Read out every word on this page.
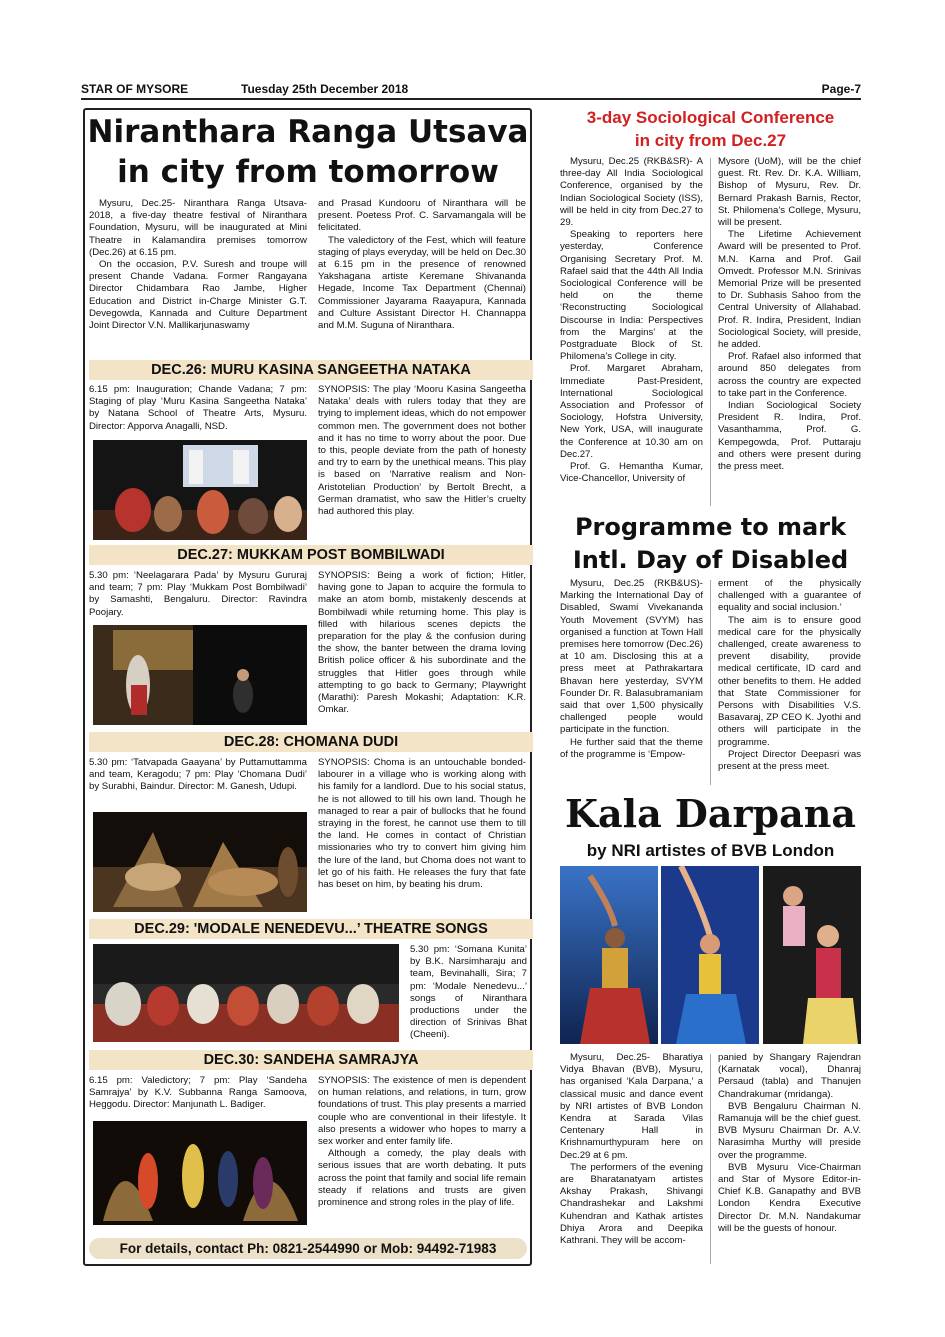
STAR OF MYSORE	Tuesday 25th December 2018	Page-7
Niranthara Ranga Utsava
in city from tomorrow

Mysuru, Dec.25- Niranthara Ranga Utsava-2018, a five-day theatre festival of Niranthara Foundation, Mysuru, will be inaugurated at Mini Theatre in Kalamandira premises tomorrow (Dec.26) at 6.15 pm.

On the occasion, P.V. Suresh and troupe will present Chande Vadana. Former Rangayana Director Chidambara Rao Jambe, Higher Education and District in-Charge Minister G.T. Devegowda, Kannada and Culture Department Joint Director V.N. Mallikarjunaswamy

and Prasad Kundooru of Niranthara will be present. Poetess Prof. C. Sarvamangala will be felicitated.

The valedictory of the Fest, which will feature staging of plays everyday, will be held on Dec.30 at 6.15 pm in the presence of renowned Yakshagana artiste Keremane Shivananda Hegade, Income Tax Department (Chennai) Commissioner Jayarama Raayapura, Kannada and Culture Assistant Director H. Channappa and M.M. Suguna of Niranthara.

DEC.26: MURU KASINA SANGEETHA NATAKA
6.15 pm: Inauguration; Chande Vadana; 7 pm: Staging of play ‘Muru Kasina Sangeetha Nataka’ by Natana School of Theatre Arts, Mysuru. Director: Apporva Anagalli, NSD.
SYNOPSIS: The play ‘Mooru Kasina Sangeetha Nataka’ deals with rulers today that they are trying to implement ideas, which do not empower common men. The government does not bother and it has no time to worry about the poor. Due to this, people deviate from the path of honesty and try to earn by the unethical means. This play is based on ‘Narrative realism and Non-Aristotelian Production’ by Bertolt Brecht, a German dramatist, who saw the Hitler’s cruelty had authored this play.
DEC.27: MUKKAM POST BOMBILWADI
5.30 pm: ‘Neelagarara Pada’ by Mysuru Gururaj and team; 7 pm: Play ‘Mukkam Post Bombilwadi’ by Samashti, Bengaluru. Director: Ravindra Poojary.
SYNOPSIS: Being a work of fiction; Hitler, having gone to Japan to acquire the formula to make an atom bomb, mistakenly descends at Bombilwadi while returning home. This play is filled with hilarious scenes depicts the preparation for the play & the confusion during the show, the banter between the drama loving British police officer & his subordinate and the struggles that Hitler goes through while attempting to go back to Germany; Playwright (Marathi): Paresh Mokashi; Adaptation: K.R. Omkar.
DEC.28: CHOMANA DUDI
5.30 pm: ‘Tatvapada Gaayana’ by Puttamuttamma and team, Keragodu; 7 pm: Play ‘Chomana Dudi’ by Surabhi, Baindur. Director: M. Ganesh, Udupi.
SYNOPSIS: Choma is an untouchable bonded-labourer in a village who is working along with his family for a landlord. Due to his social status, he is not allowed to till his own land. Though he managed to rear a pair of bullocks that he found straying in the forest, he cannot use them to till the land. He comes in contact of Christian missionaries who try to convert him giving him the lure of the land, but Choma does not want to let go of his faith. He releases the fury that fate has beset on him, by beating his drum.
DEC.29: 'MODALE NENEDEVU...’ THEATRE SONGS
5.30 pm: ‘Somana Kunita’ by B.K. Narsimharaju and team, Bevinahalli, Sira; 7 pm: ‘Modale Nenedevu...’ songs of Niranthara productions under the direction of Srinivas Bhat (Cheeni).
DEC.30: SANDEHA SAMRAJYA
6.15 pm: Valedictory; 7 pm: Play ‘Sandeha Samrajya’ by K.V. Subbanna Ranga Samoova, Heggodu. Director: Manjunath L. Badiger.

SYNOPSIS: The existence of men is dependent on human relations, and relations, in turn, grow foundations of trust. This play presents a married couple who are conventional in their lifestyle. It also presents a widower who hopes to marry a sex worker and enter family life.

Although a comedy, the play deals with serious issues that are worth debating. It puts across the point that family and social life remain steady if relations and trusts are given prominence and strong roles in the play of life.

For details, contact Ph: 0821-2544990 or Mob: 94492-71983
3-day Sociological Conference
in city from Dec.27

Mysuru, Dec.25 (RKB&SR)- A three-day All India Sociological Conference, organised by the Indian Sociological Society (ISS), will be held in city from Dec.27 to 29.

Speaking to reporters here yesterday, Conference Organising Secretary Prof. M. Rafael said that the 44th All India Sociological Conference will be held on the theme ‘Reconstructing Sociological Discourse in India: Perspectives from the Margins’ at the Postgraduate Block of St. Philomena’s College in city.

Prof. Margaret Abraham, Immediate Past-President, International Sociological Association and Professor of Sociology, Hofstra University, New York, USA, will inaugurate the Conference at 10.30 am on Dec.27.

Prof. G. Hemantha Kumar, Vice-Chancellor, University of

Mysore (UoM), will be the chief guest. Rt. Rev. Dr. K.A. William, Bishop of Mysuru, Rev. Dr. Bernard Prakash Barnis, Rector, St. Philomena’s College, Mysuru, will be present.

The Lifetime Achievement Award will be presented to Prof. M.N. Karna and Prof. Gail Omvedt. Professor M.N. Srinivas Memorial Prize will be presented to Dr. Subhasis Sahoo from the Central University of Allahabad. Prof. R. Indira, President, Indian Sociological Society, will preside, he added.

Prof. Rafael also informed that around 850 delegates from across the country are expected to take part in the Conference.

Indian Sociological Society President R. Indira, Prof. Vasanthamma, Prof. G. Kempegowda, Prof. Puttaraju and others were present during the press meet.

Programme to mark
Intl. Day of Disabled

Mysuru, Dec.25 (RKB&US)- Marking the International Day of Disabled, Swami Vivekananda Youth Movement (SVYM) has organised a function at Town Hall premises here tomorrow (Dec.26) at 10 am. Disclosing this at a press meet at Pathrakartara Bhavan here yesterday, SVYM Founder Dr. R. Balasubramaniam said that over 1,500 physically challenged people would participate in the function.

He further said that the theme of the programme is ‘Empow-

erment of the physically challenged with a guarantee of equality and social inclusion.’

The aim is to ensure good medical care for the physically challenged, create awareness to prevent disability, provide medical certificate, ID card and other benefits to them. He added that State Commissioner for Persons with Disabilities V.S. Basavaraj, ZP CEO K. Jyothi and others will participate in the programme.

Project Director Deepasri was present at the press meet.

Kala Darpana
by NRI artistes of BVB London

Mysuru, Dec.25- Bharatiya Vidya Bhavan (BVB), Mysuru, has organised ‘Kala Darpana,’ a classical music and dance event by NRI artistes of BVB London Kendra at Sarada Vilas Centenary Hall in Krishnamurthypuram here on Dec.29 at 6 pm.

The performers of the evening are Bharatanatyam artistes Akshay Prakash, Shivangi Chandrashekar and Lakshmi Kuhendran and Kathak artistes Dhiya Arora and Deepika Kathrani. They will be accom-

panied by Shangary Rajendran (Karnatak vocal), Dhanraj Persaud (tabla) and Thanujen Chandrakumar (mridanga).

BVB Bengaluru Chairman N. Ramanuja will be the chief guest. BVB Mysuru Chairman Dr. A.V. Narasimha Murthy will preside over the programme.

BVB Mysuru Vice-Chairman and Star of Mysore Editor-in-Chief K.B. Ganapathy and BVB London Kendra Executive Director Dr. M.N. Nandakumar will be the guests of honour.
